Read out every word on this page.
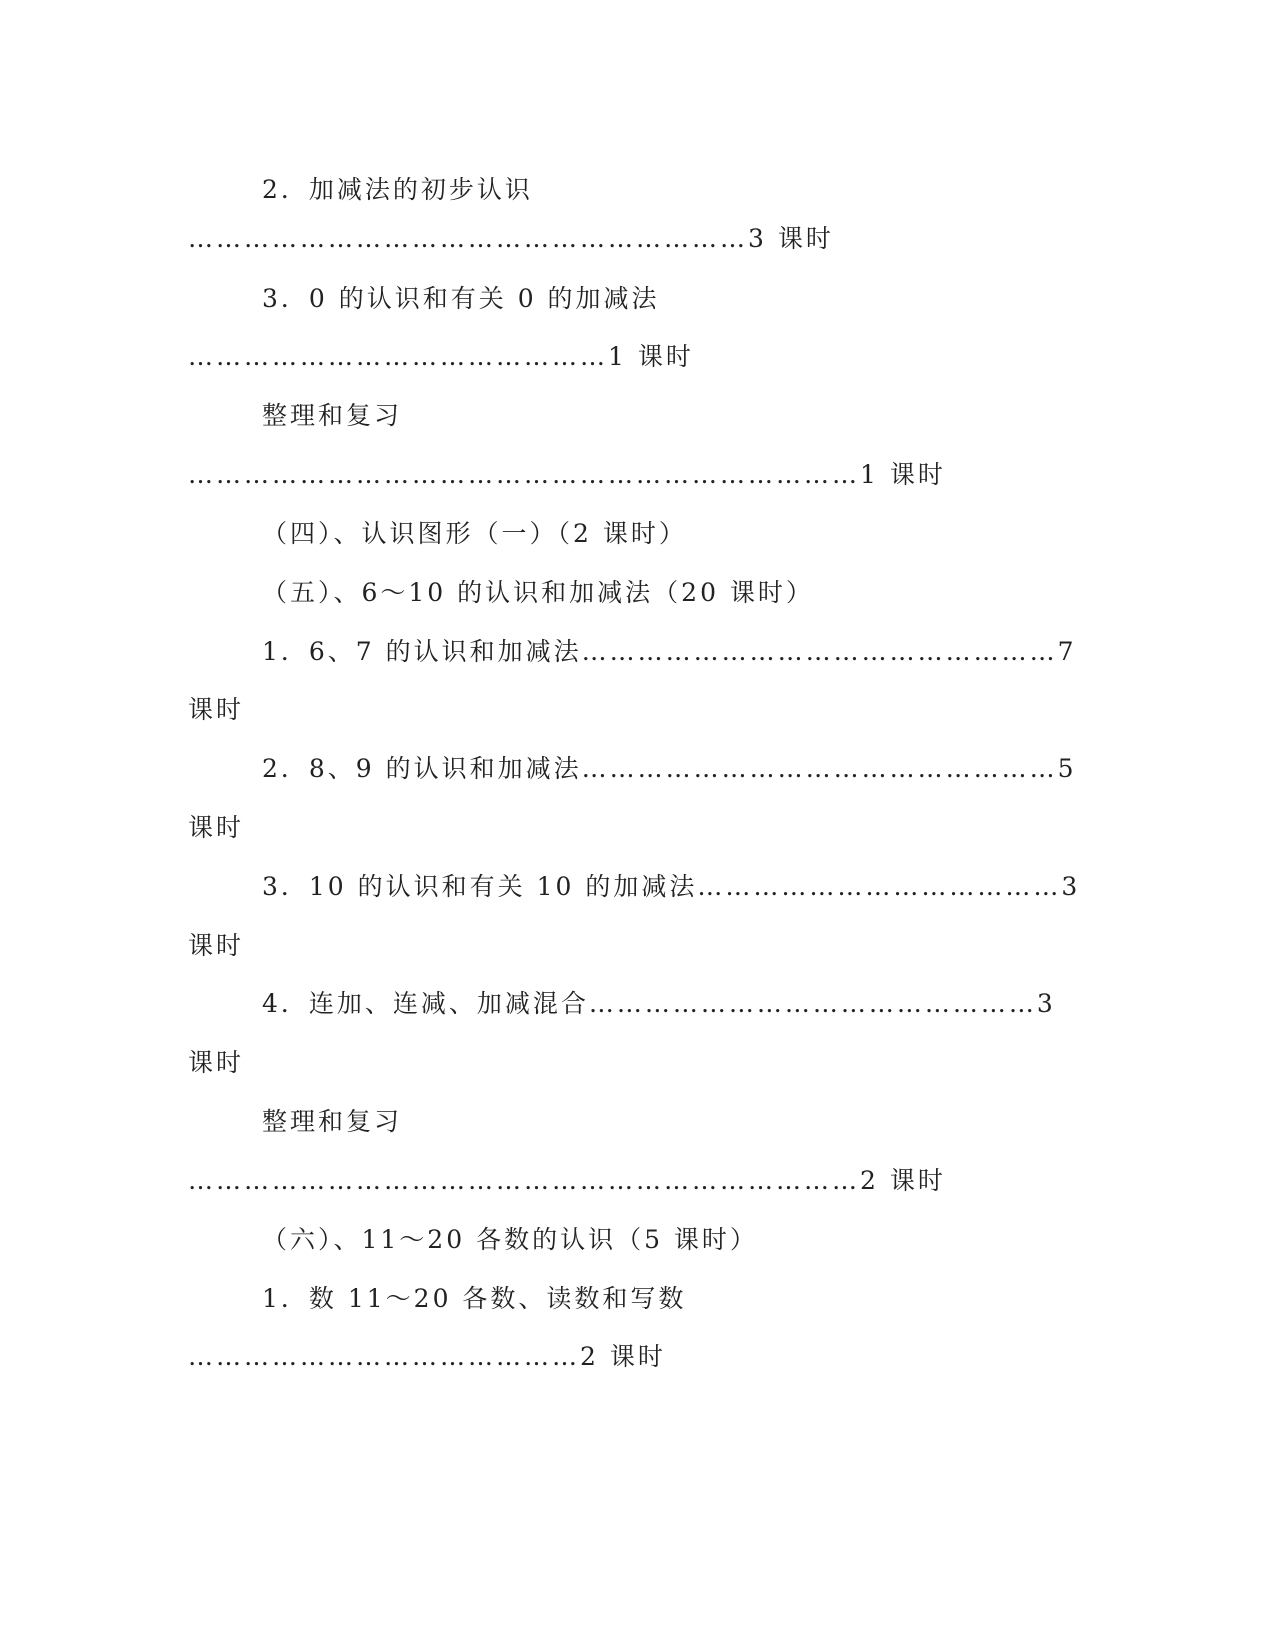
2．加减法的初步认识
……………………………………………………3 课时
3．0 的认识和有关 0 的加减法
………………………………………1 课时
整理和复习
………………………………………………………………1 课时
（四）、认识图形（一）（2 课时）
（五）、6～10 的认识和加减法（20 课时）
1．6、7 的认识和加减法……………………………………………7
课时
2．8、9 的认识和加减法……………………………………………5
课时
3．10 的认识和有关 10 的加减法…………………………………3
课时
4．连加、连减、加减混合…………………………………………3
课时
整理和复习
………………………………………………………………2 课时
（六）、11～20 各数的认识（5 课时）
1．数 11～20 各数、读数和写数
……………………………………2 课时
